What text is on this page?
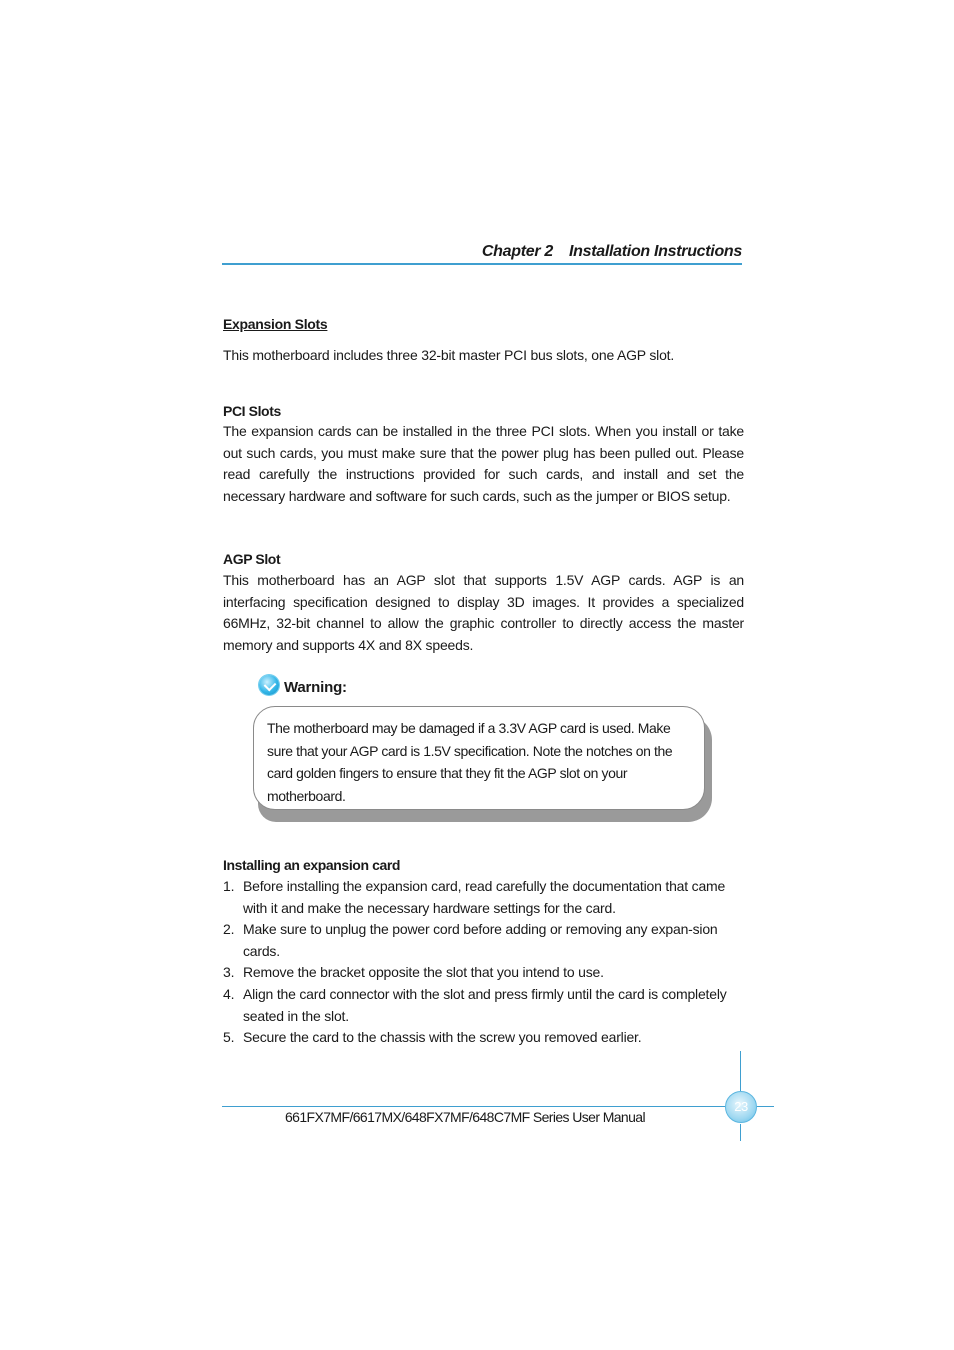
Chapter 2 Installation Instructions
Expansion Slots
This motherboard includes three 32-bit master PCI bus slots, one AGP slot.
PCI Slots
The expansion cards can be installed in the three PCI slots. When you install or take out such cards, you must make sure that the power plug has been pulled out. Please read carefully the instructions provided for such cards, and install and set the necessary hardware and software for such cards, such as the jumper or BIOS setup.
AGP Slot
This motherboard has an AGP slot that supports 1.5V AGP cards. AGP is an interfacing specification designed to display 3D images. It provides a specialized 66MHz, 32-bit channel to allow the graphic controller to directly access the master memory and supports 4X and 8X speeds.
Warning:
The motherboard may be damaged if a 3.3V AGP card is used. Make sure that your AGP card is 1.5V specification. Note the notches on the card golden fingers to ensure that they fit the AGP slot on your motherboard.
Installing an expansion card
1. Before installing the expansion card, read carefully the documentation that came with it and make the necessary hardware settings for the card.
2. Make sure to unplug the power cord before adding or removing any expan-sion cards.
3. Remove the bracket opposite the slot that you intend to use.
4. Align the card connector with the slot and press firmly until the card is completely seated in the slot.
5. Secure the card to the chassis with the screw you removed earlier.
23
661FX7MF/6617MX/648FX7MF/648C7MF Series User Manual
